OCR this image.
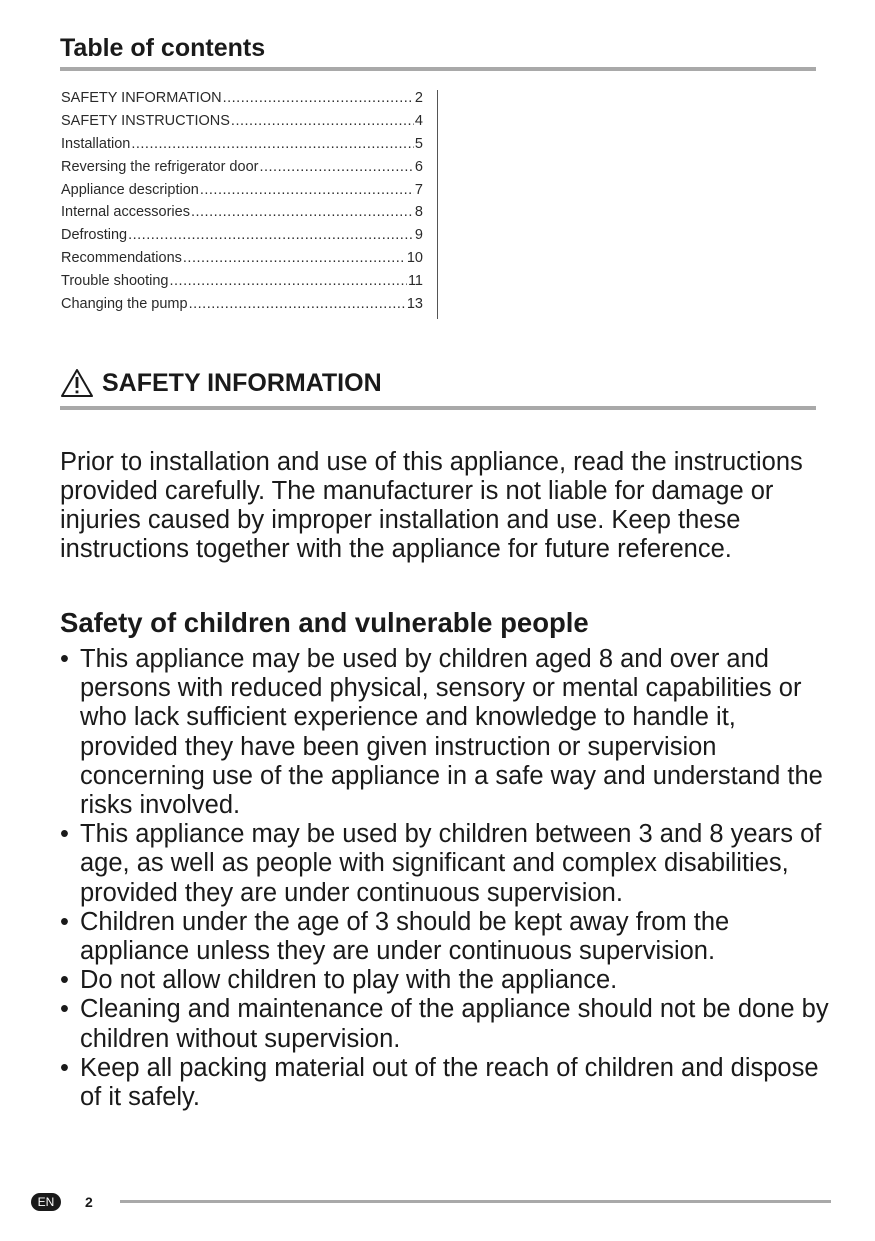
Table of contents
SAFETY INFORMATION .....	2
SAFETY INSTRUCTIONS .....	4
Installation .....	5
Reversing the refrigerator door .....	6
Appliance description .....	7
Internal accessories .....	8
Defrosting .....	9
Recommendations .....	10
Trouble shooting .....	11
Changing the pump .....	13
SAFETY INFORMATION
Prior to installation and use of this appliance, read the instructions provided carefully. The manufacturer is not liable for damage or injuries caused by improper installation and use. Keep these instructions together with the appliance for future reference.
Safety of children and vulnerable people
• This appliance may be used by children aged 8 and over and persons with reduced physical, sensory or mental capabilities or who lack sufficient experience and knowledge to handle it, provided they have been given instruction or supervision concerning use of the appliance in a safe way and understand the risks involved.
• This appliance may be used by children between 3 and 8 years of age, as well as people with significant and complex disabilities, provided they are under continuous supervision.
• Children under the age of 3 should be kept away from the appliance unless they are under continuous supervision.
• Do not allow children to play with the appliance.
• Cleaning and maintenance of the appliance should not be done by children without supervision.
• Keep all packing material out of the reach of children and dispose of it safely.
EN	2
